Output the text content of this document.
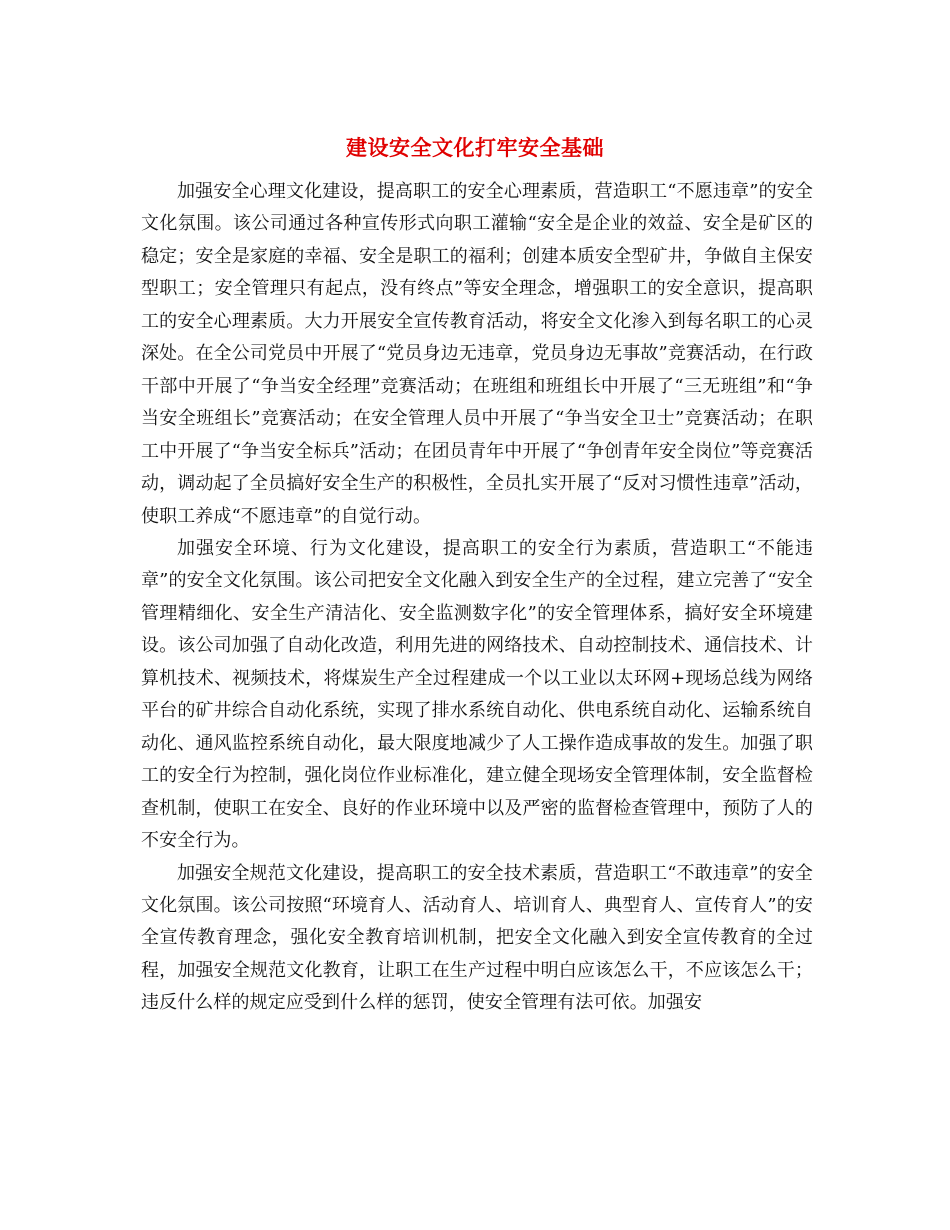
建设安全文化打牢安全基础

加强安全心理文化建设，提高职工的安全心理素质，营造职工“不愿违章”的安全文化氛围。该公司通过各种宣传形式向职工灌输“安全是企业的效益、安全是矿区的稳定；安全是家庭的幸福、安全是职工的福利；创建本质安全型矿井，争做自主保安型职工；安全管理只有起点，没有终点”等安全理念，增强职工的安全意识，提高职工的安全心理素质。大力开展安全宣传教育活动，将安全文化渗入到每名职工的心灵深处。在全公司党员中开展了“党员身边无违章，党员身边无事故”竞赛活动，在行政干部中开展了“争当安全经理”竞赛活动；在班组和班组长中开展了“三无班组”和“争当安全班组长”竞赛活动；在安全管理人员中开展了“争当安全卫士”竞赛活动；在职工中开展了“争当安全标兵”活动；在团员青年中开展了“争创青年安全岗位”等竞赛活动，调动起了全员搞好安全生产的积极性，全员扎实开展了“反对习惯性违章”活动，使职工养成“不愿违章”的自觉行动。

加强安全环境、行为文化建设，提高职工的安全行为素质，营造职工“不能违章”的安全文化氛围。该公司把安全文化融入到安全生产的全过程，建立完善了“安全管理精细化、安全生产清洁化、安全监测数字化”的安全管理体系，搞好安全环境建设。该公司加强了自动化改造，利用先进的网络技术、自动控制技术、通信技术、计算机技术、视频技术，将煤炭生产全过程建成一个以工业以太环网+现场总线为网络平台的矿井综合自动化系统，实现了排水系统自动化、供电系统自动化、运输系统自动化、通风监控系统自动化，最大限度地减少了人工操作造成事故的发生。加强了职工的安全行为控制，强化岗位作业标准化，建立健全现场安全管理体制，安全监督检查机制，使职工在安全、良好的作业环境中以及严密的监督检查管理中，预防了人的不安全行为。

加强安全规范文化建设，提高职工的安全技术素质，营造职工“不敢违章”的安全文化氛围。该公司按照“环境育人、活动育人、培训育人、典型育人、宣传育人”的安全宣传教育理念，强化安全教育培训机制，把安全文化融入到安全宣传教育的全过程，加强安全规范文化教育，让职工在生产过程中明白应该怎么干，不应该怎么干；违反什么样的规定应受到什么样的惩罚，使安全管理有法可依。加强安
